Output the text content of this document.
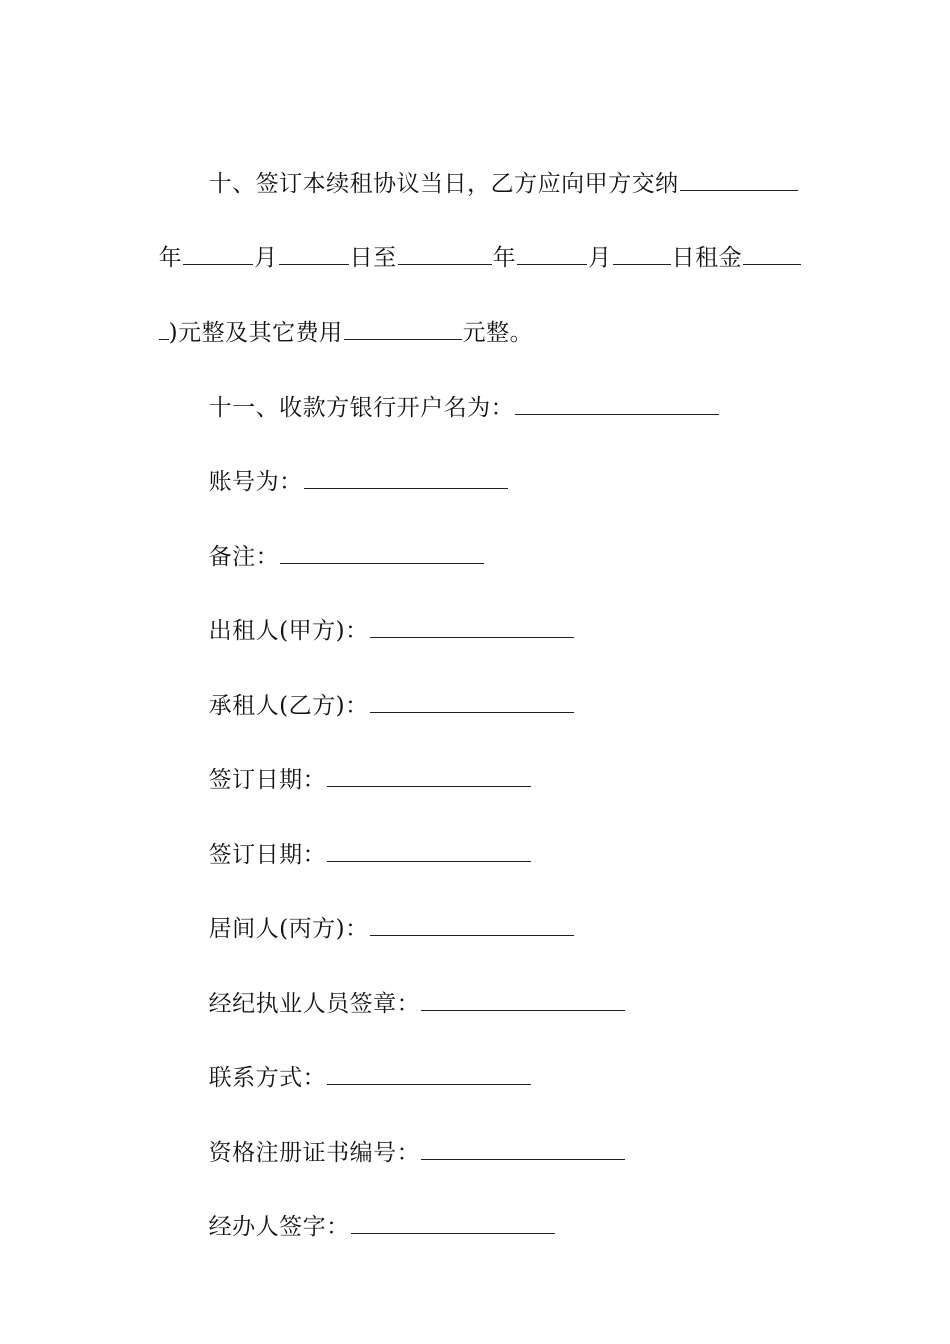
十、签订本续租协议当日，乙方应向甲方交纳

年	月	日至	年	月	日租金

)元整及其它费用	元整。

十一、收款方银行开户名为：

账号为：

备注：

出租人(甲方)：

承租人(乙方)：

签订日期：

签订日期：

居间人(丙方)：

经纪执业人员签章：

联系方式：

资格注册证书编号：

经办人签字：
